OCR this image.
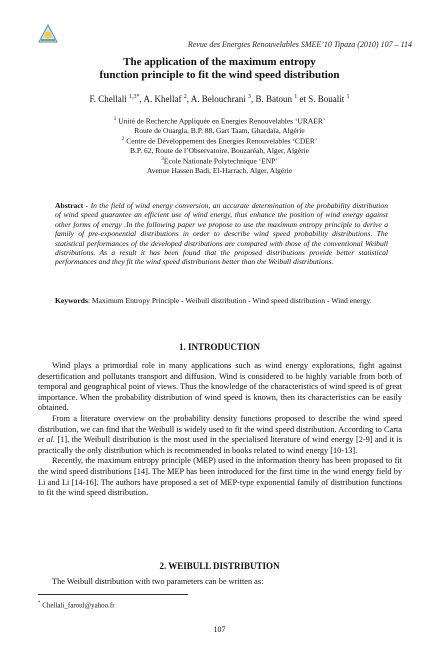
Revue des Energies Renouvelables SMEE’10 Tipaza (2010) 107 – 114
The application of the maximum entropy
function principle to fit the wind speed distribution
F. Chellali $^{1,3*}$, A. Khellaf $^2$, A. Belouchrani $^3$, B. Batoun $^1$ et S. Boualit $^1$
$^1$ Unité de Recherche Appliquée en Energies Renouvelables ‘URAER’
Route de Ouargla, B.P. 88, Gart Taam, Ghardaïa, Algérie
$^2$ Centre de Développement des Energies Renouvelables ‘CDER’
B.P. 62, Route de l’Observatoire, Bouzaréah, Alger, Algérie
$^3$Ecole Nationale Polytechnique ‘ENP’
Avenue Hassen Badi, El-Harrach, Alger, Algérie
Abstract - In the field of wind energy conversion, an accurate determination of the probability distribution of wind speed guarantee an efficient use of wind energy, thus enhance the position of wind energy against other forms of energy .In the following paper we propose to use the maximum entropy principle to derive a family of pre-exponential distributions in order to describe wind speed probability distributions. The statistical performances of the developed distributions are compared with those of the conventional Weibull distributions. As a result it has been found that the proposed distributions provide better statistical performances and they fit the wind speed distributions better than the Weibull distributions.
Keywords: Maximum Entropy Principle - Weibull distribution - Wind speed distribution - Wind energy.
1. INTRODUCTION

Wind plays a primordial role in many applications such as wind energy explorations, fight against desertification and pollutants transport and diffusion. Wind is considered to be highly variable from both of temporal and geographical point of views. Thus the knowledge of the characteristics of wind speed is of great importance. When the probability distribution of wind speed is known, then its characteristics can be easily obtained.

From a literature overview on the probability density functions proposed to describe the wind speed distribution, we can find that the Weibull is widely used to fit the wind speed distribution. According to Carta et al. [1], the Weibull distribution is the most used in the specialised literature of wind energy [2-9] and it is practically the only distribution which is recommended in books related to wind energy [10-13].

Recently, the maximum entropy principle (MEP) used in the information theory has been proposed to fit the wind speed distributions [14]. The MEP has been introduced for the first time in the wind energy field by Li and Li [14-16]. The authors have proposed a set of MEP-type exponential family of distribution functions to fit the wind speed distribution.

2. WEIBULL DISTRIBUTION

The Weibull distribution with two parameters can be written as:

* Chellali_faroul@yahoo.fr
107
